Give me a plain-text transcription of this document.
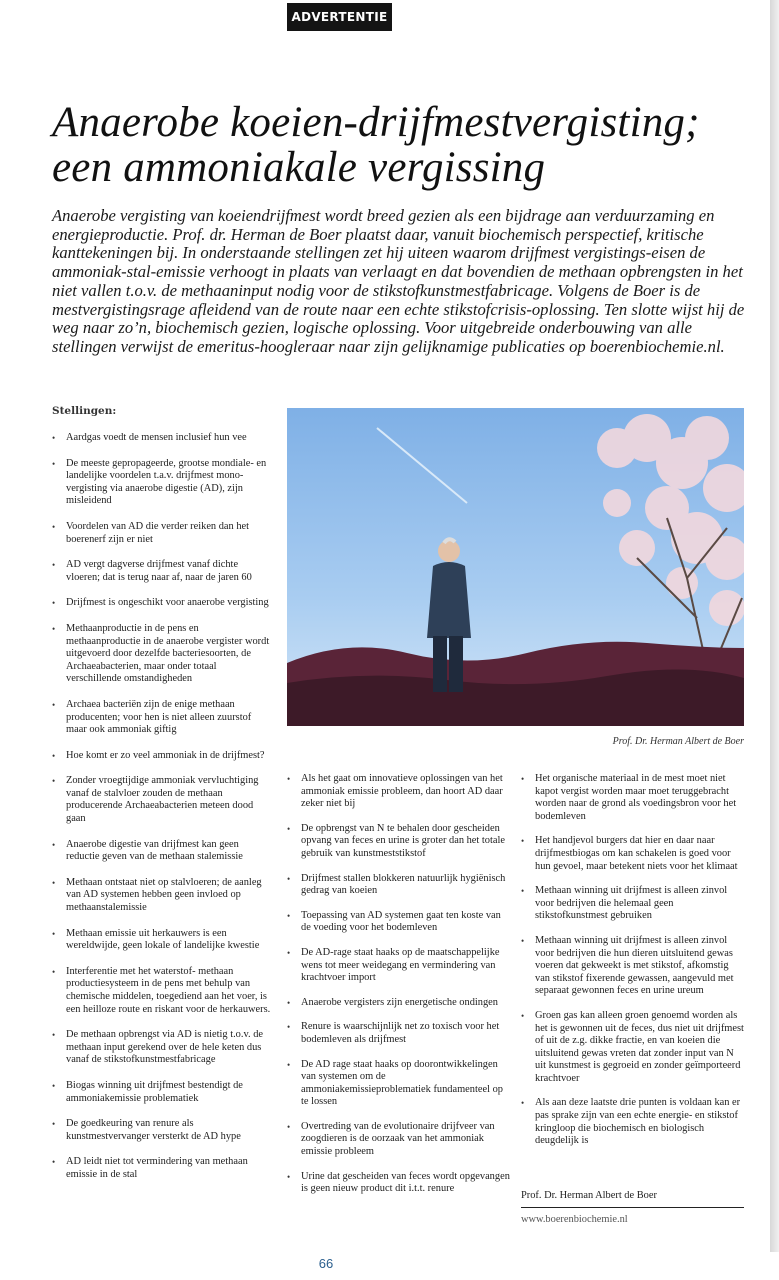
ADVERTENTIE
Anaerobe koeien-drijfmestvergisting; een ammoniakale vergissing

Anaerobe vergisting van koeiendrijfmest wordt breed gezien als een bijdrage aan verduurzaming en energieproductie. Prof. dr. Herman de Boer plaatst daar, vanuit biochemisch perspectief, kritische kanttekeningen bij. In onderstaande stellingen zet hij uiteen waarom drijfmest vergistings-eisen de ammoniak-stal-emissie verhoogt in plaats van verlaagt en dat bovendien de methaan opbrengsten in het niet vallen t.o.v. de methaaninput nodig voor de stikstofkunstmestfabricage. Volgens de Boer is de mestvergistingsrage afleidend van de route naar een echte stikstofcrisis-oplossing. Ten slotte wijst hij de weg naar zo’n, biochemisch gezien, logische oplossing. Voor uitgebreide onderbouwing van alle stellingen verwijst de emeritus-hoogleraar naar zijn gelijknamige publicaties op boerenbiochemie.nl.

Stellingen:

• Aardgas voedt de mensen inclusief hun vee
• De meeste gepropageerde, grootse mondiale- en landelijke voordelen t.a.v. drijfmest mono-vergisting via anaerobe digestie (AD), zijn misleidend
• Voordelen van AD die verder reiken dan het boerenerf zijn er niet
• AD vergt dagverse drijfmest vanaf dichte vloeren; dat is terug naar af, naar de jaren 60
• Drijfmest is ongeschikt voor anaerobe vergisting
• Methaanproductie in de pens en methaanproductie in de anaerobe vergister wordt uitgevoerd door dezelfde bacteriesoorten, de Archaeabacterien, maar onder totaal verschillende omstandigheden
• Archaea bacteriën zijn de enige methaan producenten; voor hen is niet alleen zuurstof maar ook ammoniak giftig
• Hoe komt er zo veel ammoniak in de drijfmest?
• Zonder vroegtijdige ammoniak vervluchtiging vanaf de stalvloer zouden de methaan producerende Archaeabacterien meteen dood gaan
• Anaerobe digestie van drijfmest kan geen reductie geven van de methaan stalemissie
• Methaan ontstaat niet op stalvloeren; de aanleg van AD systemen hebben geen invloed op methaanstalemissie
• Methaan emissie uit herkauwers is een wereldwijde, geen lokale of landelijke kwestie
• Interferentie met het waterstof- methaan productiesysteem in de pens met behulp van chemische middelen, toegediend aan het voer, is een heilloze route en riskant voor de herkauwers.
• De methaan opbrengst via AD is nietig t.o.v. de methaan input gerekend over de hele keten dus vanaf de stikstofkunstmestfabricage
• Biogas winning uit drijfmest bestendigt de ammoniakemissie problematiek
• De goedkeuring van renure als kunstmestvervanger versterkt de AD hype
• AD leidt niet tot vermindering van methaan emissie in de stal

Prof. Dr. Herman Albert de Boer

• Als het gaat om innovatieve oplossingen van het ammoniak emissie probleem, dan hoort AD daar zeker niet bij
• De opbrengst van N te behalen door gescheiden opvang van feces en urine is groter dan het totale gebruik van kunstmeststikstof
• Drijfmest stallen blokkeren natuurlijk hygiënisch gedrag van koeien
• Toepassing van AD systemen gaat ten koste van de voeding voor het bodemleven
• De AD-rage staat haaks op de maatschappelijke wens tot meer weidegang en vermindering van krachtvoer import
• Anaerobe vergisters zijn energetische ondingen
• Renure is waarschijnlijk net zo toxisch voor het bodemleven als drijfmest
• De AD rage staat haaks op doorontwikkelingen van systemen om de ammoniakemissieproblematiek fundamenteel op te lossen
• Overtreding van de evolutionaire drijfveer van zoogdieren is de oorzaak van het ammoniak emissie probleem
• Urine dat gescheiden van feces wordt opgevangen is geen nieuw product dit i.t.t. renure
• Het organische materiaal in de mest moet niet kapot vergist worden maar moet teruggebracht worden naar de grond als voedingsbron voor het bodemleven
• Het handjevol burgers dat hier en daar naar drijfmestbiogas om kan schakelen is goed voor hun gevoel, maar betekent niets voor het klimaat
• Methaan winning uit drijfmest is alleen zinvol voor bedrijven die helemaal geen stikstofkunstmest gebruiken
• Methaan winning uit drijfmest is alleen zinvol voor bedrijven die hun dieren uitsluitend gewas voeren dat gekweekt is met stikstof, afkomstig van stikstof fixerende gewassen, aangevuld met separaat gewonnen feces en urine ureum
• Groen gas kan alleen groen genoemd worden als het is gewonnen uit de feces, dus niet uit drijfmest of uit de z.g. dikke fractie, en van koeien die uitsluitend gewas vreten dat zonder input van N uit kunstmest is gegroeid en zonder geïmporteerd krachtvoer
• Als aan deze laatste drie punten is voldaan kan er pas sprake zijn van een echte energie- en stikstof kringloop die biochemisch en biologisch deugdelijk is

Prof. Dr. Herman Albert de Boer

www.boerenbiochemie.nl
66
